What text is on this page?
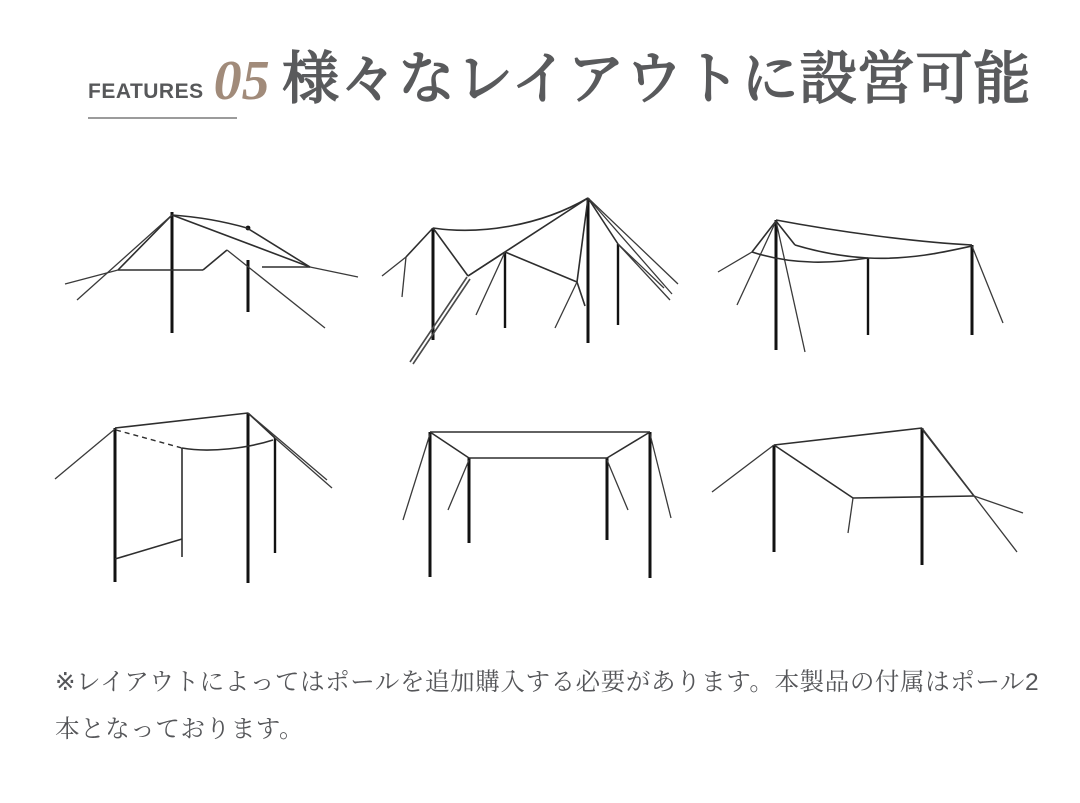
FEATURES 05 様々なレイアウトに設営可能

※レイアウトによってはポールを追加購入する必要があります。本製品の付属はポール2本となっております。
